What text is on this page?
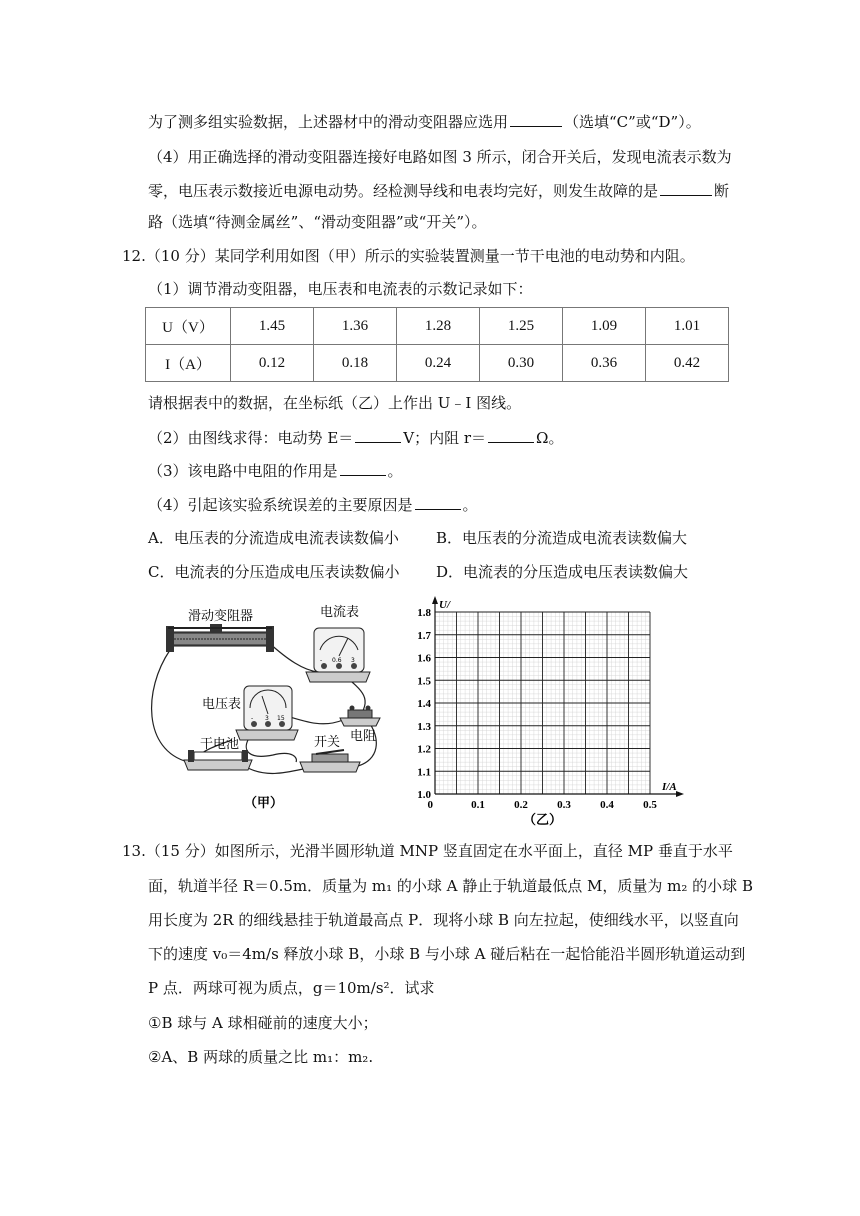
为了测多组实验数据，上述器材中的滑动变阻器应选用	（选填“C”或“D”）。
（4）用正确选择的滑动变阻器连接好电路如图 3 所示，闭合开关后，发现电流表示数为
零，电压表示数接近电源电动势。经检测导线和电表均完好，则发生故障的是	断
路（选填“待测金属丝”、“滑动变阻器”或“开关”）。
12.（10 分）某同学利用如图（甲）所示的实验装置测量一节干电池的电动势和内阻。
（1）调节滑动变阻器，电压表和电流表的示数记录如下：
U（V）	1.45	1.36	1.28	1.25	1.09	1.01
I（A）	0.12	0.18	0.24	0.30	0.36	0.42
请根据表中的数据，在坐标纸（乙）上作出 U﹣I 图线。
（2）由图线求得：电动势 E＝	V；内阻 r＝	Ω。
（3）该电路中电阻的作用是	。
（4）引起该实验系统误差的主要原因是	。
A．电压表的分流造成电流表读数偏小 B．电压表的分流造成电流表读数偏大
C．电流表的分压造成电压表读数偏小 D．电流表的分压造成电压表读数偏大
滑动变阻器	电流表
- 0.6 3
电压表
- 3 15
电阻
干电池	开关
（甲）
1.0
1.1
1.2
1.3
1.4
1.5
1.6
1.7
1.8
0.1	0.2	0.3	0.4	0.5
0
U/
I/A
（乙）
13.（15 分）如图所示，光滑半圆形轨道 MNP 竖直固定在水平面上，直径 MP 垂直于水平
面，轨道半径 R＝0.5m．质量为 m₁ 的小球 A 静止于轨道最低点 M，质量为 m₂ 的小球 B
用长度为 2R 的细线悬挂于轨道最高点 P．现将小球 B 向左拉起，使细线水平，以竖直向
下的速度 v₀＝4m/s 释放小球 B，小球 B 与小球 A 碰后粘在一起恰能沿半圆形轨道运动到
P 点．两球可视为质点，g＝10m/s²．试求
①B 球与 A 球相碰前的速度大小；
②A、B 两球的质量之比 m₁：m₂.
